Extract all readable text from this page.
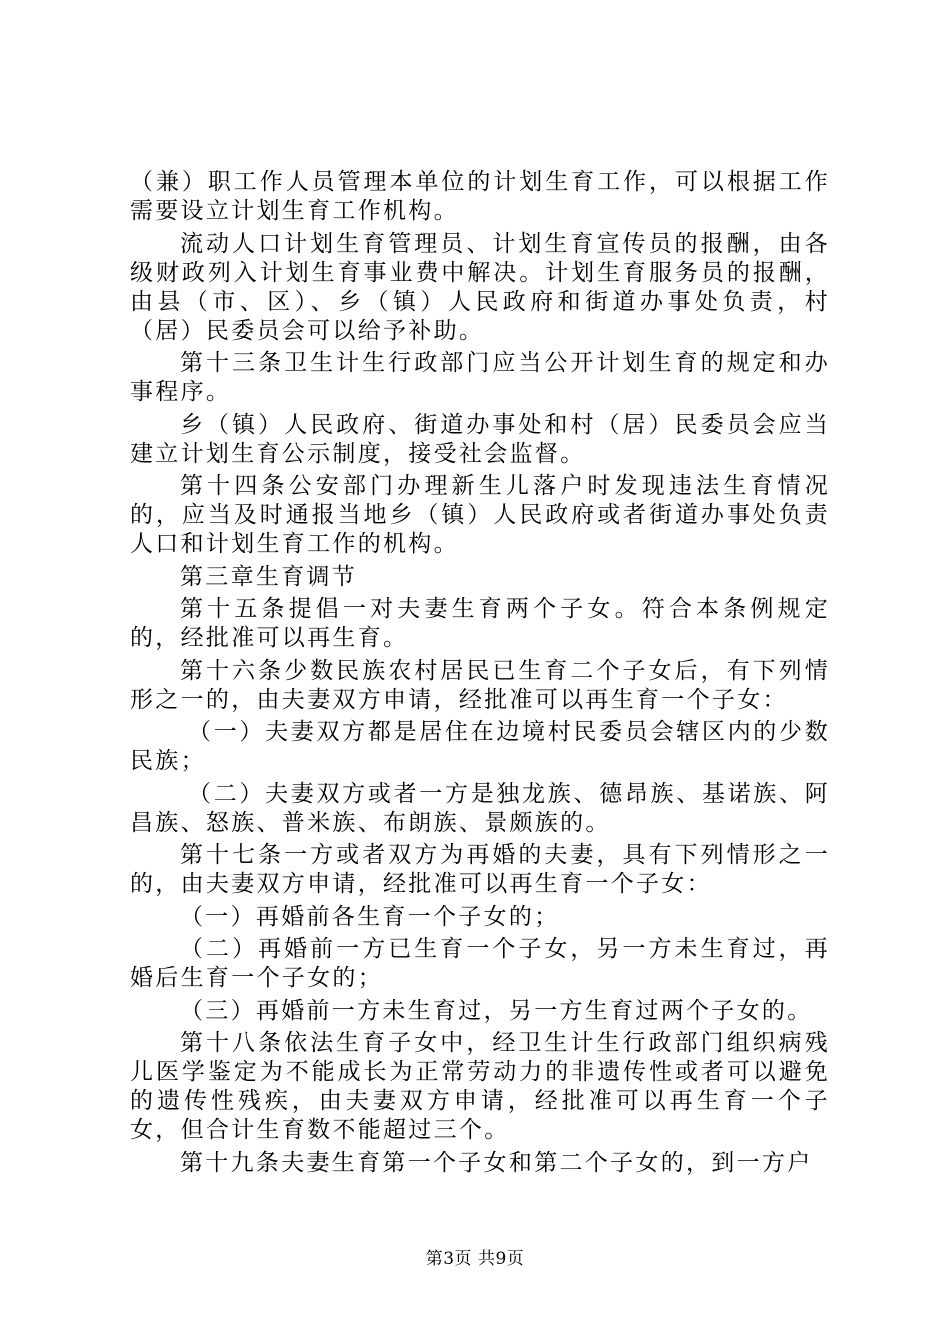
（兼）职工作人员管理本单位的计划生育工作，可以根据工作需要设立计划生育工作机构。

流动人口计划生育管理员、计划生育宣传员的报酬，由各级财政列入计划生育事业费中解决。计划生育服务员的报酬，由县（市、区）、乡（镇）人民政府和街道办事处负责，村（居）民委员会可以给予补助。

第十三条卫生计生行政部门应当公开计划生育的规定和办事程序。

乡（镇）人民政府、街道办事处和村（居）民委员会应当建立计划生育公示制度，接受社会监督。

第十四条公安部门办理新生儿落户时发现违法生育情况的，应当及时通报当地乡（镇）人民政府或者街道办事处负责人口和计划生育工作的机构。

第三章生育调节

第十五条提倡一对夫妻生育两个子女。符合本条例规定的，经批准可以再生育。

第十六条少数民族农村居民已生育二个子女后，有下列情形之一的，由夫妻双方申请，经批准可以再生育一个子女：

（一）夫妻双方都是居住在边境村民委员会辖区内的少数民族；

（二）夫妻双方或者一方是独龙族、德昂族、基诺族、阿昌族、怒族、普米族、布朗族、景颇族的。

第十七条一方或者双方为再婚的夫妻，具有下列情形之一的，由夫妻双方申请，经批准可以再生育一个子女：

（一）再婚前各生育一个子女的；

（二）再婚前一方已生育一个子女，另一方未生育过，再婚后生育一个子女的；

（三）再婚前一方未生育过，另一方生育过两个子女的。

第十八条依法生育子女中，经卫生计生行政部门组织病残儿医学鉴定为不能成长为正常劳动力的非遗传性或者可以避免的遗传性残疾，由夫妻双方申请，经批准可以再生育一个子女，但合计生育数不能超过三个。

第十九条夫妻生育第一个子女和第二个子女的，到一方户

第3页 共9页
